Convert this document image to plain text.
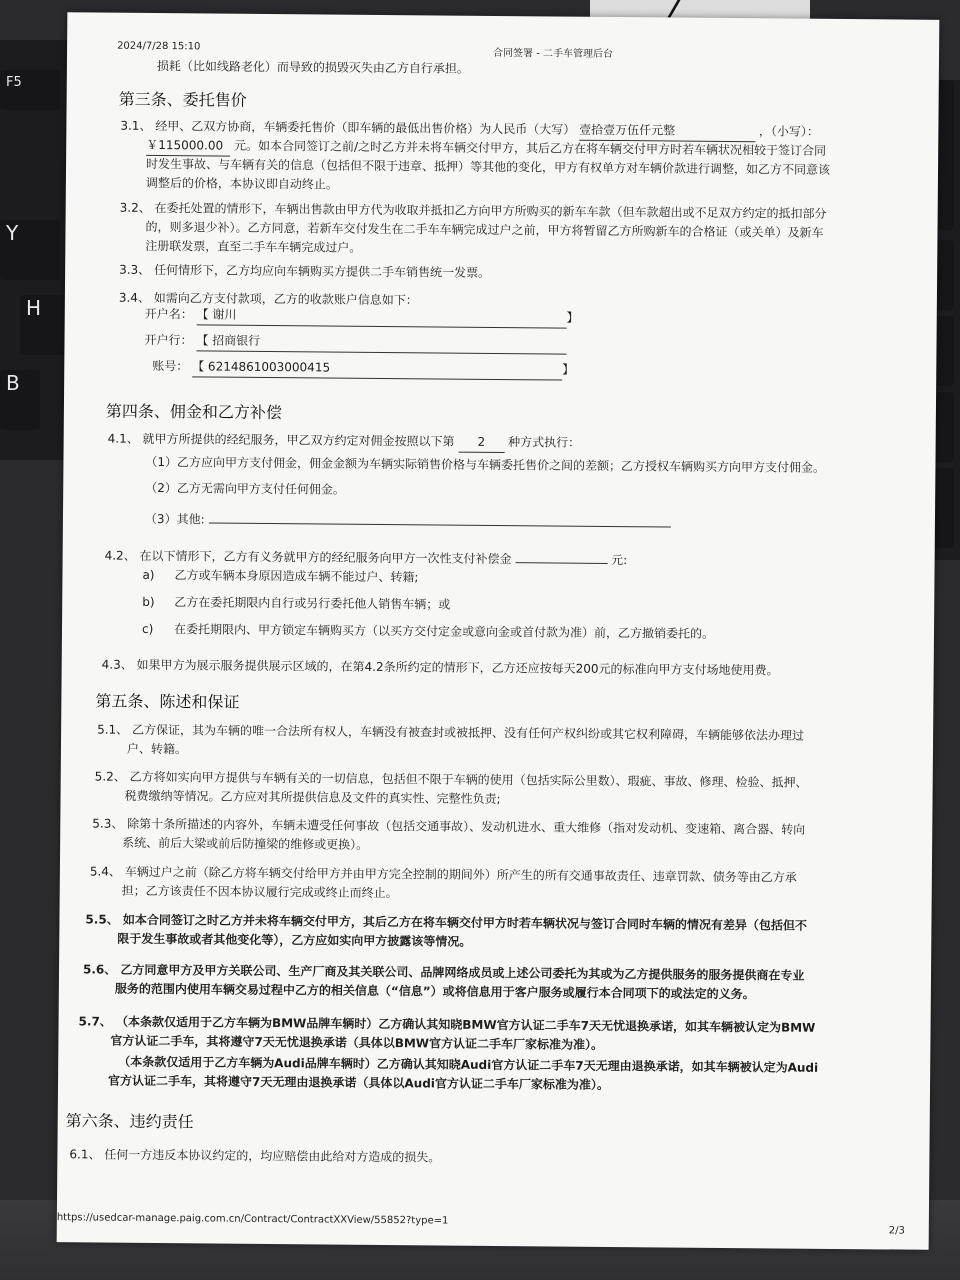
F5
Y
H
B
2024/7/28 15:10
合同签署 - 二手车管理后台
损耗（比如线路老化）而导致的损毁灭失由乙方自行承担。
第三条、委托售价
3.1、 经甲、乙双方协商，车辆委托售价（即车辆的最低出售价格）为人民币（大写） 壹拾壹万伍仟元整	，（小写）：
￥115000.00 元。如本合同签订之前/之时乙方并未将车辆交付甲方，其后乙方在将车辆交付甲方时若车辆状况相较于签订合同
时发生事故、与车辆有关的信息（包括但不限于违章、抵押）等其他的变化，甲方有权单方对车辆价款进行调整，如乙方不同意该
调整后的价格，本协议即自动终止。
3.2、 在委托处置的情形下，车辆出售款由甲方代为收取并抵扣乙方向甲方所购买的新车车款（但车款超出或不足双方约定的抵扣部分
的，则多退少补）。乙方同意，若新车交付发生在二手车车辆完成过户之前，甲方将暂留乙方所购新车的合格证（或关单）及新车
注册联发票，直至二手车车辆完成过户。
3.3、 任何情形下，乙方均应向车辆购买方提供二手车销售统一发票。
3.4、 如需向乙方支付款项，乙方的收款账户信息如下：
开户名： 【 谢川	】
开户行： 【 招商银行
账号： 【 6214861003000415	】
第四条、佣金和乙方补偿
4.1、 就甲方所提供的经纪服务，甲乙双方约定对佣金按照以下第 2 种方式执行：
（1）乙方应向甲方支付佣金，佣金金额为车辆实际销售价格与车辆委托售价之间的差额；乙方授权车辆购买方向甲方支付佣金。
（2）乙方无需向甲方支付任何佣金。
（3）其他:
4.2、 在以下情形下，乙方有义务就甲方的经纪服务向甲方一次性支付补偿金	元:
a) 乙方或车辆本身原因造成车辆不能过户、转籍;
b) 乙方在委托期限内自行或另行委托他人销售车辆；或
c) 在委托期限内、甲方锁定车辆购买方（以买方交付定金或意向金或首付款为准）前，乙方撤销委托的。
4.3、 如果甲方为展示服务提供展示区域的，在第4.2条所约定的情形下，乙方还应按每天200元的标准向甲方支付场地使用费。
第五条、陈述和保证
5.1、 乙方保证，其为车辆的唯一合法所有权人，车辆没有被查封或被抵押、没有任何产权纠纷或其它权利障碍，车辆能够依法办理过
户、转籍。
5.2、 乙方将如实向甲方提供与车辆有关的一切信息，包括但不限于车辆的使用（包括实际公里数）、瑕疵、事故、修理、检验、抵押、
税费缴纳等情况。乙方应对其所提供信息及文件的真实性、完整性负责;
5.3、 除第十条所描述的内容外，车辆未遭受任何事故（包括交通事故）、发动机进水、重大维修（指对发动机、变速箱、离合器、转向
系统、前后大梁或前后防撞梁的维修或更换）。
5.4、 车辆过户之前（除乙方将车辆交付给甲方并由甲方完全控制的期间外）所产生的所有交通事故责任、违章罚款、债务等由乙方承
担；乙方该责任不因本协议履行完成或终止而终止。
5.5、 如本合同签订之时乙方并未将车辆交付甲方，其后乙方在将车辆交付甲方时若车辆状况与签订合同时车辆的情况有差异（包括但不
限于发生事故或者其他变化等），乙方应如实向甲方披露该等情况。
5.6、 乙方同意甲方及甲方关联公司、生产厂商及其关联公司、品牌网络成员或上述公司委托为其或为乙方提供服务的服务提供商在专业
服务的范围内使用车辆交易过程中乙方的相关信息（“信息”）或将信息用于客户服务或履行本合同项下的或法定的义务。
5.7、 （本条款仅适用于乙方车辆为BMW品牌车辆时）乙方确认其知晓BMW官方认证二手车7天无忧退换承诺，如其车辆被认定为BMW
官方认证二手车，其将遵守7天无忧退换承诺（具体以BMW官方认证二手车厂家标准为准）。
（本条款仅适用于乙方车辆为Audi品牌车辆时）乙方确认其知晓Audi官方认证二手车7天无理由退换承诺，如其车辆被认定为Audi
官方认证二手车，其将遵守7天无理由退换承诺（具体以Audi官方认证二手车厂家标准为准）。
第六条、违约责任
6.1、 任何一方违反本协议约定的，均应赔偿由此给对方造成的损失。
https://usedcar-manage.paig.com.cn/Contract/ContractXXView/55852?type=1
2/3
